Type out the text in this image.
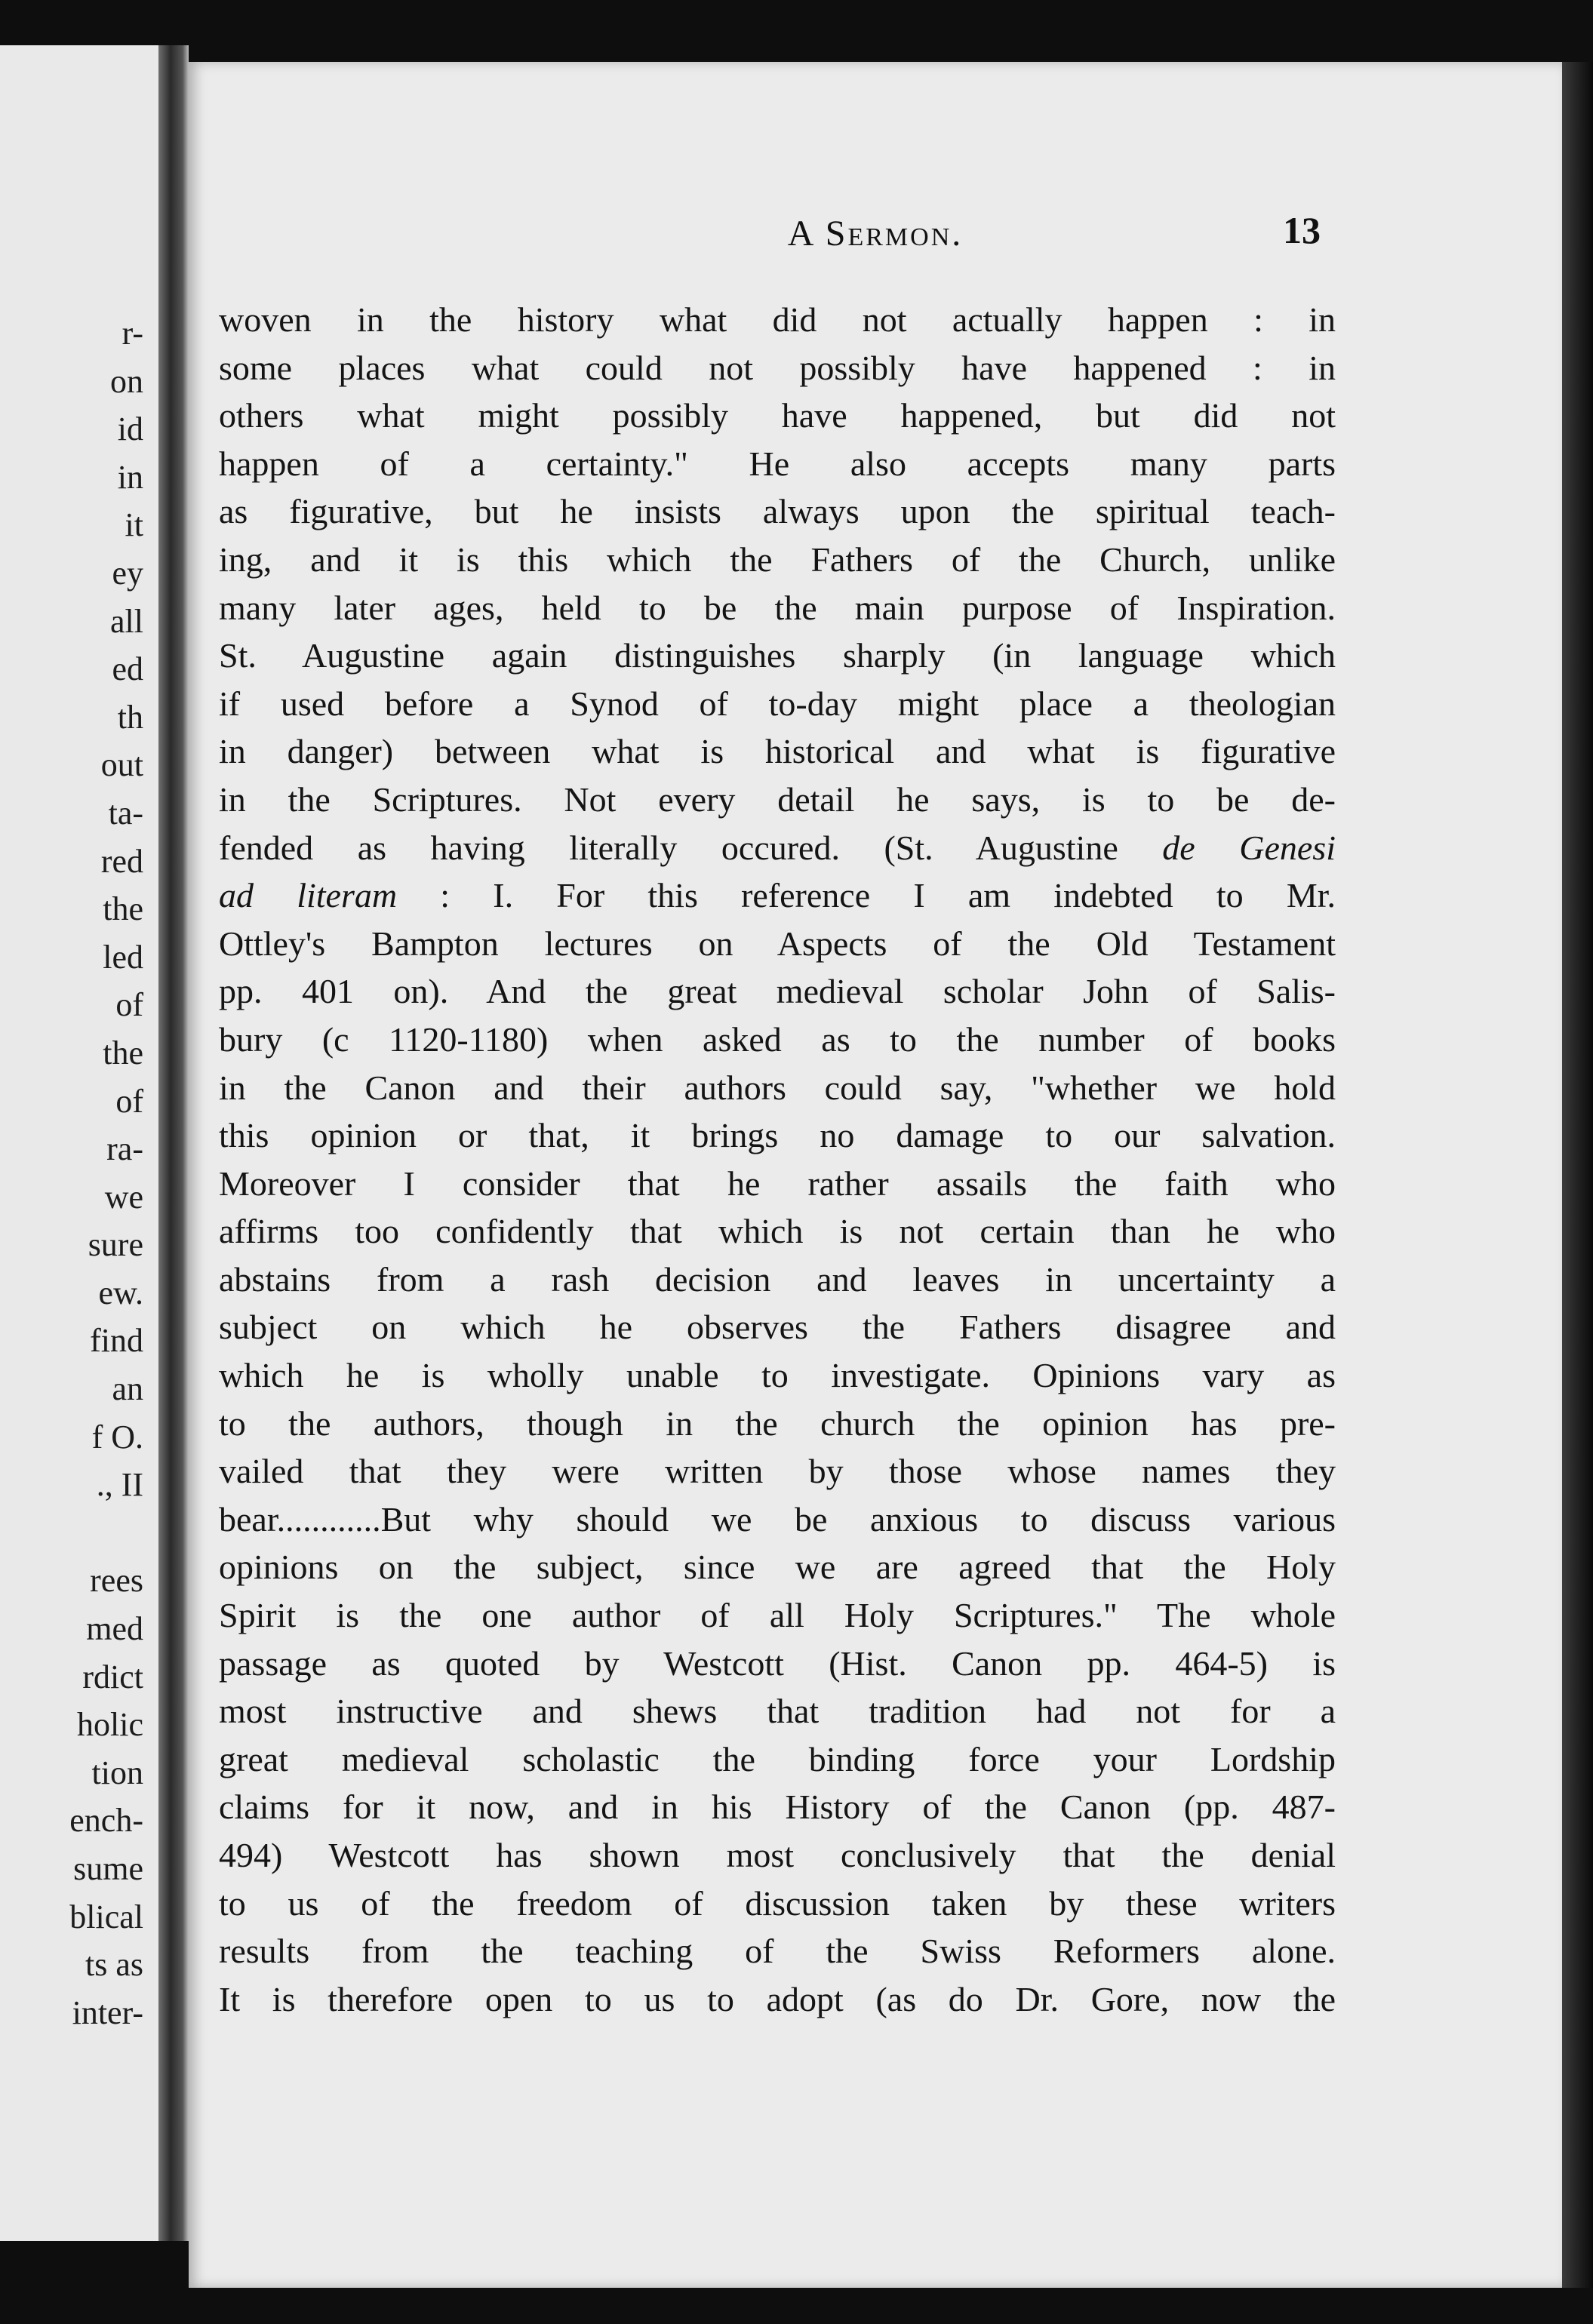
r-
on
id
in
it
ey
all
ed
th
out
ta-
red
the
led
of
the
of
ra-
we
sure
ew.
find
an
f O.
., II

rees
med
rdict
holic
tion
ench-
sume
blical
ts as
inter-
A Sermon.	13
woven in the history what did not actually happen : in
some places what could not possibly have happened : in
others what might possibly have happened, but did not
happen of a certainty." He also accepts many parts
as figurative, but he insists always upon the spiritual teach-
ing, and it is this which the Fathers of the Church, unlike
many later ages, held to be the main purpose of Inspiration.
St. Augustine again distinguishes sharply (in language which
if used before a Synod of to-day might place a theologian
in danger) between what is historical and what is figurative
in the Scriptures. Not every detail he says, is to be de-
fended as having literally occured. (St. Augustine de Genesi
ad literam : I. For this reference I am indebted to Mr.
Ottley's Bampton lectures on Aspects of the Old Testament
pp. 401 on). And the great medieval scholar John of Salis-
bury (c 1120-1180) when asked as to the number of books
in the Canon and their authors could say, "whether we hold
this opinion or that, it brings no damage to our salvation.
Moreover I consider that he rather assails the faith who
affirms too confidently that which is not certain than he who
abstains from a rash decision and leaves in uncertainty a
subject on which he observes the Fathers disagree and
which he is wholly unable to investigate. Opinions vary as
to the authors, though in the church the opinion has pre-
vailed that they were written by those whose names they
bear............But why should we be anxious to discuss various
opinions on the subject, since we are agreed that the Holy
Spirit is the one author of all Holy Scriptures." The whole
passage as quoted by Westcott (Hist. Canon pp. 464-5) is
most instructive and shews that tradition had not for a
great medieval scholastic the binding force your Lordship
claims for it now, and in his History of the Canon (pp. 487-
494) Westcott has shown most conclusively that the denial
to us of the freedom of discussion taken by these writers
results from the teaching of the Swiss Reformers alone.
It is therefore open to us to adopt (as do Dr. Gore, now the
